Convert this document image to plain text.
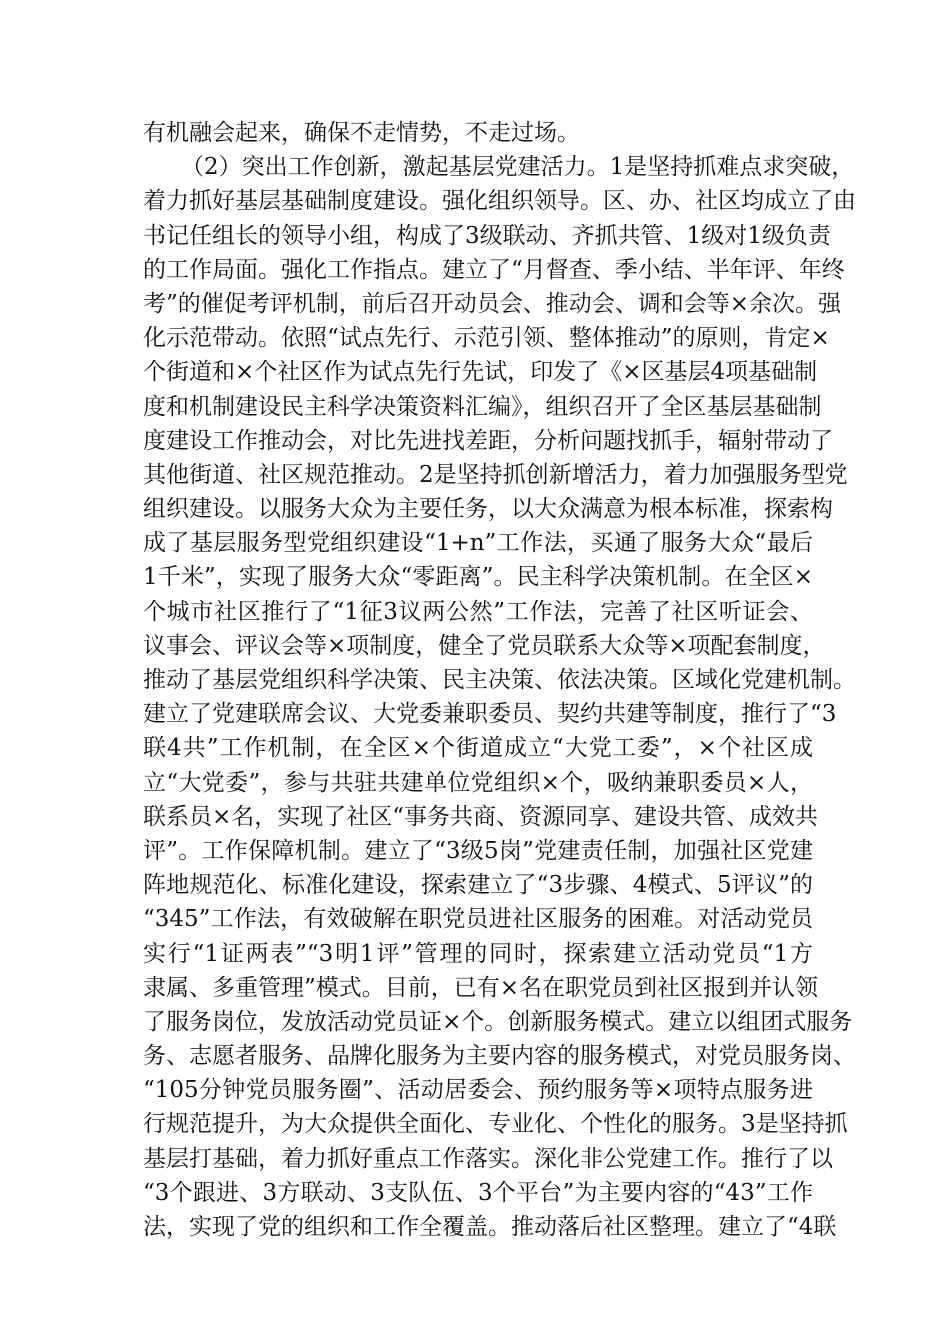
有机融会起来，确保不走情势，不走过场。
（2）突出工作创新，激起基层党建活力。1是坚持抓难点求突破，
着力抓好基层基础制度建设。强化组织领导。区、办、社区均成立了由
书记任组长的领导小组，构成了3级联动、齐抓共管、1级对1级负责
的工作局面。强化工作指点。建立了“月督查、季小结、半年评、年终
考”的催促考评机制，前后召开动员会、推动会、调和会等×余次。强
化示范带动。依照“试点先行、示范引领、整体推动”的原则，肯定×
个街道和×个社区作为试点先行先试，印发了《×区基层4项基础制
度和机制建设民主科学决策资料汇编》，组织召开了全区基层基础制
度建设工作推动会，对比先进找差距，分析问题找抓手，辐射带动了
其他街道、社区规范推动。2是坚持抓创新增活力，着力加强服务型党
组织建设。以服务大众为主要任务，以大众满意为根本标准，探索构
成了基层服务型党组织建设“1+n”工作法，买通了服务大众“最后
1千米”，实现了服务大众“零距离”。民主科学决策机制。在全区×
个城市社区推行了“1征3议两公然”工作法，完善了社区听证会、
议事会、评议会等×项制度，健全了党员联系大众等×项配套制度，
推动了基层党组织科学决策、民主决策、依法决策。区域化党建机制。
建立了党建联席会议、大党委兼职委员、契约共建等制度，推行了“3
联4共”工作机制，在全区×个街道成立“大党工委”，×个社区成
立“大党委”，参与共驻共建单位党组织×个，吸纳兼职委员×人，
联系员×名，实现了社区“事务共商、资源同享、建设共管、成效共
评”。工作保障机制。建立了“3级5岗”党建责任制，加强社区党建
阵地规范化、标准化建设，探索建立了“3步骤、4模式、5评议”的
“345”工作法，有效破解在职党员进社区服务的困难。对活动党员
实行“1证两表”“3明1评”管理的同时，探索建立活动党员“1方
隶属、多重管理”模式。目前，已有×名在职党员到社区报到并认领
了服务岗位，发放活动党员证×个。创新服务模式。建立以组团式服务
务、志愿者服务、品牌化服务为主要内容的服务模式，对党员服务岗、
“105分钟党员服务圈”、活动居委会、预约服务等×项特点服务进
行规范提升，为大众提供全面化、专业化、个性化的服务。3是坚持抓
基层打基础，着力抓好重点工作落实。深化非公党建工作。推行了以
“3个跟进、3方联动、3支队伍、3个平台”为主要内容的“43”工作
法，实现了党的组织和工作全覆盖。推动落后社区整理。建立了“4联
